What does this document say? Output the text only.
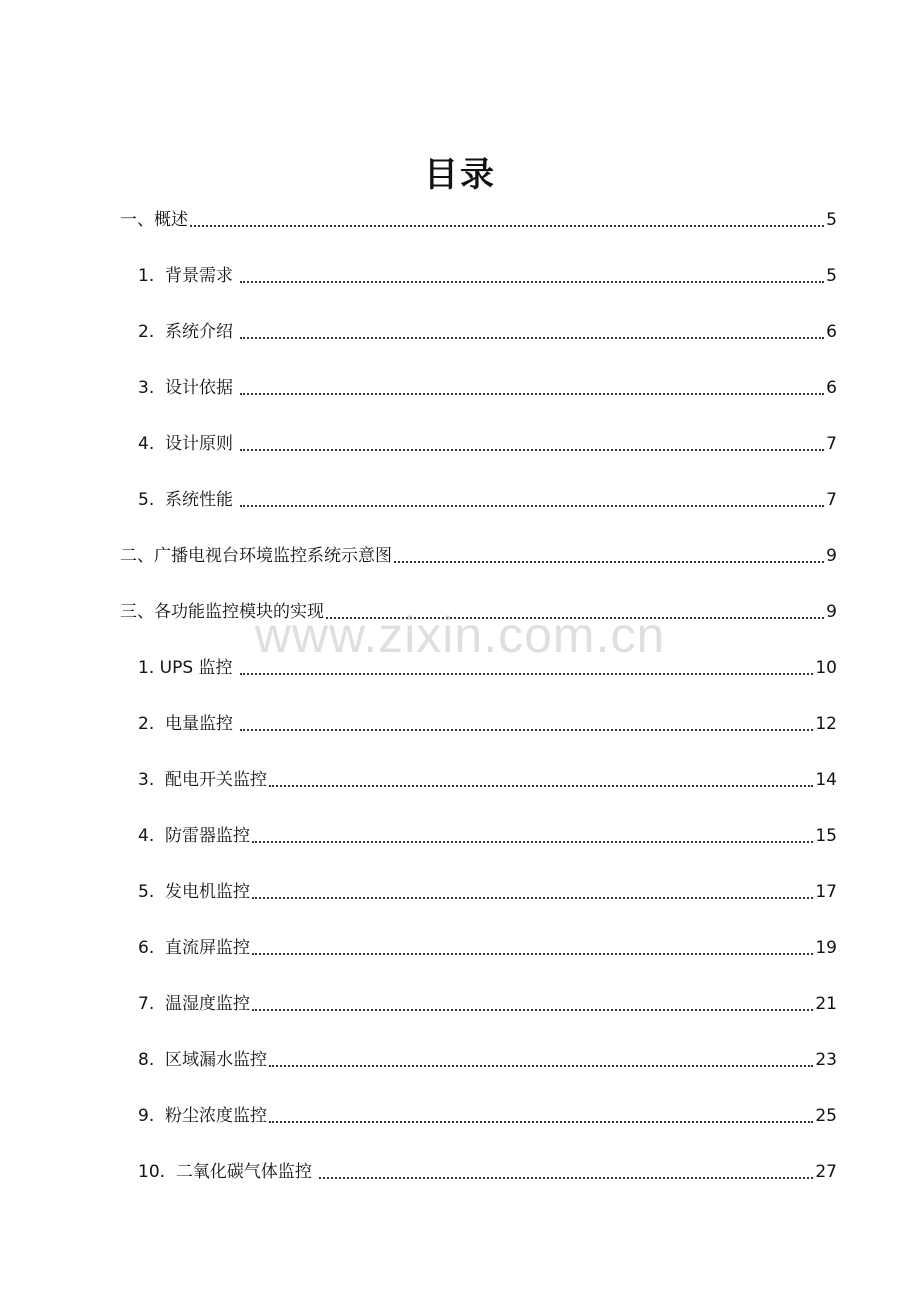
目录
一、概述	5
1.  背景需求	5
2.  系统介绍	6
3.  设计依据	6
4.  设计原则	7
5.  系统性能	7
二、广播电视台环境监控系统示意图	9
三、各功能监控模块的实现	9
1. UPS 监控	10
2.  电量监控	12
3.  配电开关监控	14
4.  防雷器监控	15
5.  发电机监控	17
6.  直流屏监控	19
7.  温湿度监控	21
8.  区域漏水监控	23
9.  粉尘浓度监控	25
10.  二氧化碳气体监控	27
www.zixin.com.cn
